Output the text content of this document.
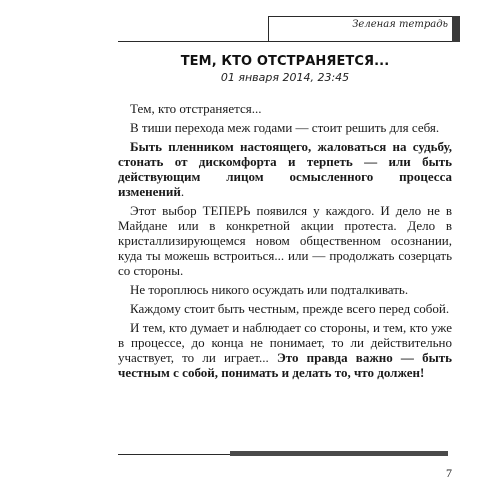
Зеленая тетрадь
ТЕМ, КТО ОТСТРАНЯЕТСЯ...
01 января 2014, 23:45

Тем, кто отстраняется...

В тиши перехода меж годами — стоит решить для себя.

Быть пленником настоящего, жаловаться на судьбу, стонать от дискомфорта и терпеть — или быть действующим лицом осмысленного процесса изменений.

Этот выбор ТЕПЕРЬ появился у каждого. И дело не в Майдане или в конкретной акции протеста. Дело в кристаллизирующемся новом общественном осознании, куда ты можешь встроиться... или — продолжать созерцать со стороны.

Не тороплюсь никого осуждать или подталкивать.

Каждому стоит быть честным, прежде всего перед собой.

И тем, кто думает и наблюдает со стороны, и тем, кто уже в процессе, до конца не понимает, то ли действительно участвует, то ли играет... Это правда важно — быть честным с собой, понимать и делать то, что должен!

7
